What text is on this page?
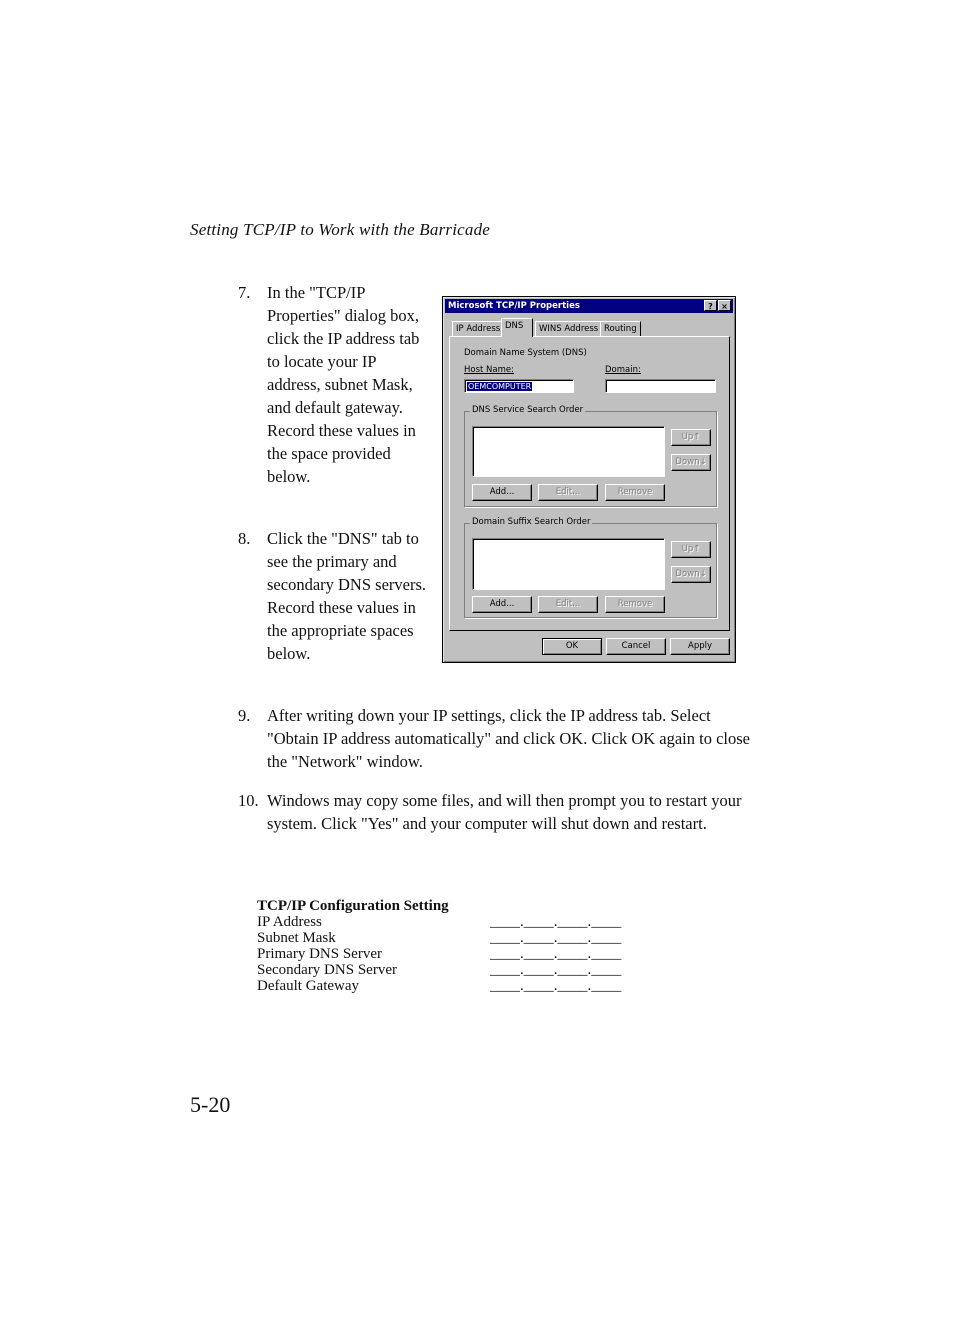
Setting TCP/IP to Work with the Barricade
7. In the "TCP/IP Properties" dialog box, click the IP address tab to locate your IP address, subnet Mask, and default gateway. Record these values in the space provided below.
8. Click the "DNS" tab to see the primary and secondary DNS servers. Record these values in the appropriate spaces below.
9. After writing down your IP settings, click the IP address tab. Select "Obtain IP address automatically" and click OK. Click OK again to close the "Network" window.
10. Windows may copy some files, and will then prompt you to restart your system. Click "Yes" and your computer will shut down and restart.
Microsoft TCP/IP Properties	?	×
IP Address DNS	WINS Address Routing
Domain Name System (DNS)
Host Name:	Domain:
OEMCOMPUTER
DNS Service Search Order
Up↑
Down↓
Add...	Edit...	Remove
Domain Suffix Search Order
Up↑
Down↓
Add...	Edit...	Remove
OK	Cancel	Apply
TCP/IP Configuration Setting
IP Address	____.____.____.____
Subnet Mask	____.____.____.____
Primary DNS Server	____.____.____.____
Secondary DNS Server	____.____.____.____
Default Gateway	____.____.____.____
5-20
